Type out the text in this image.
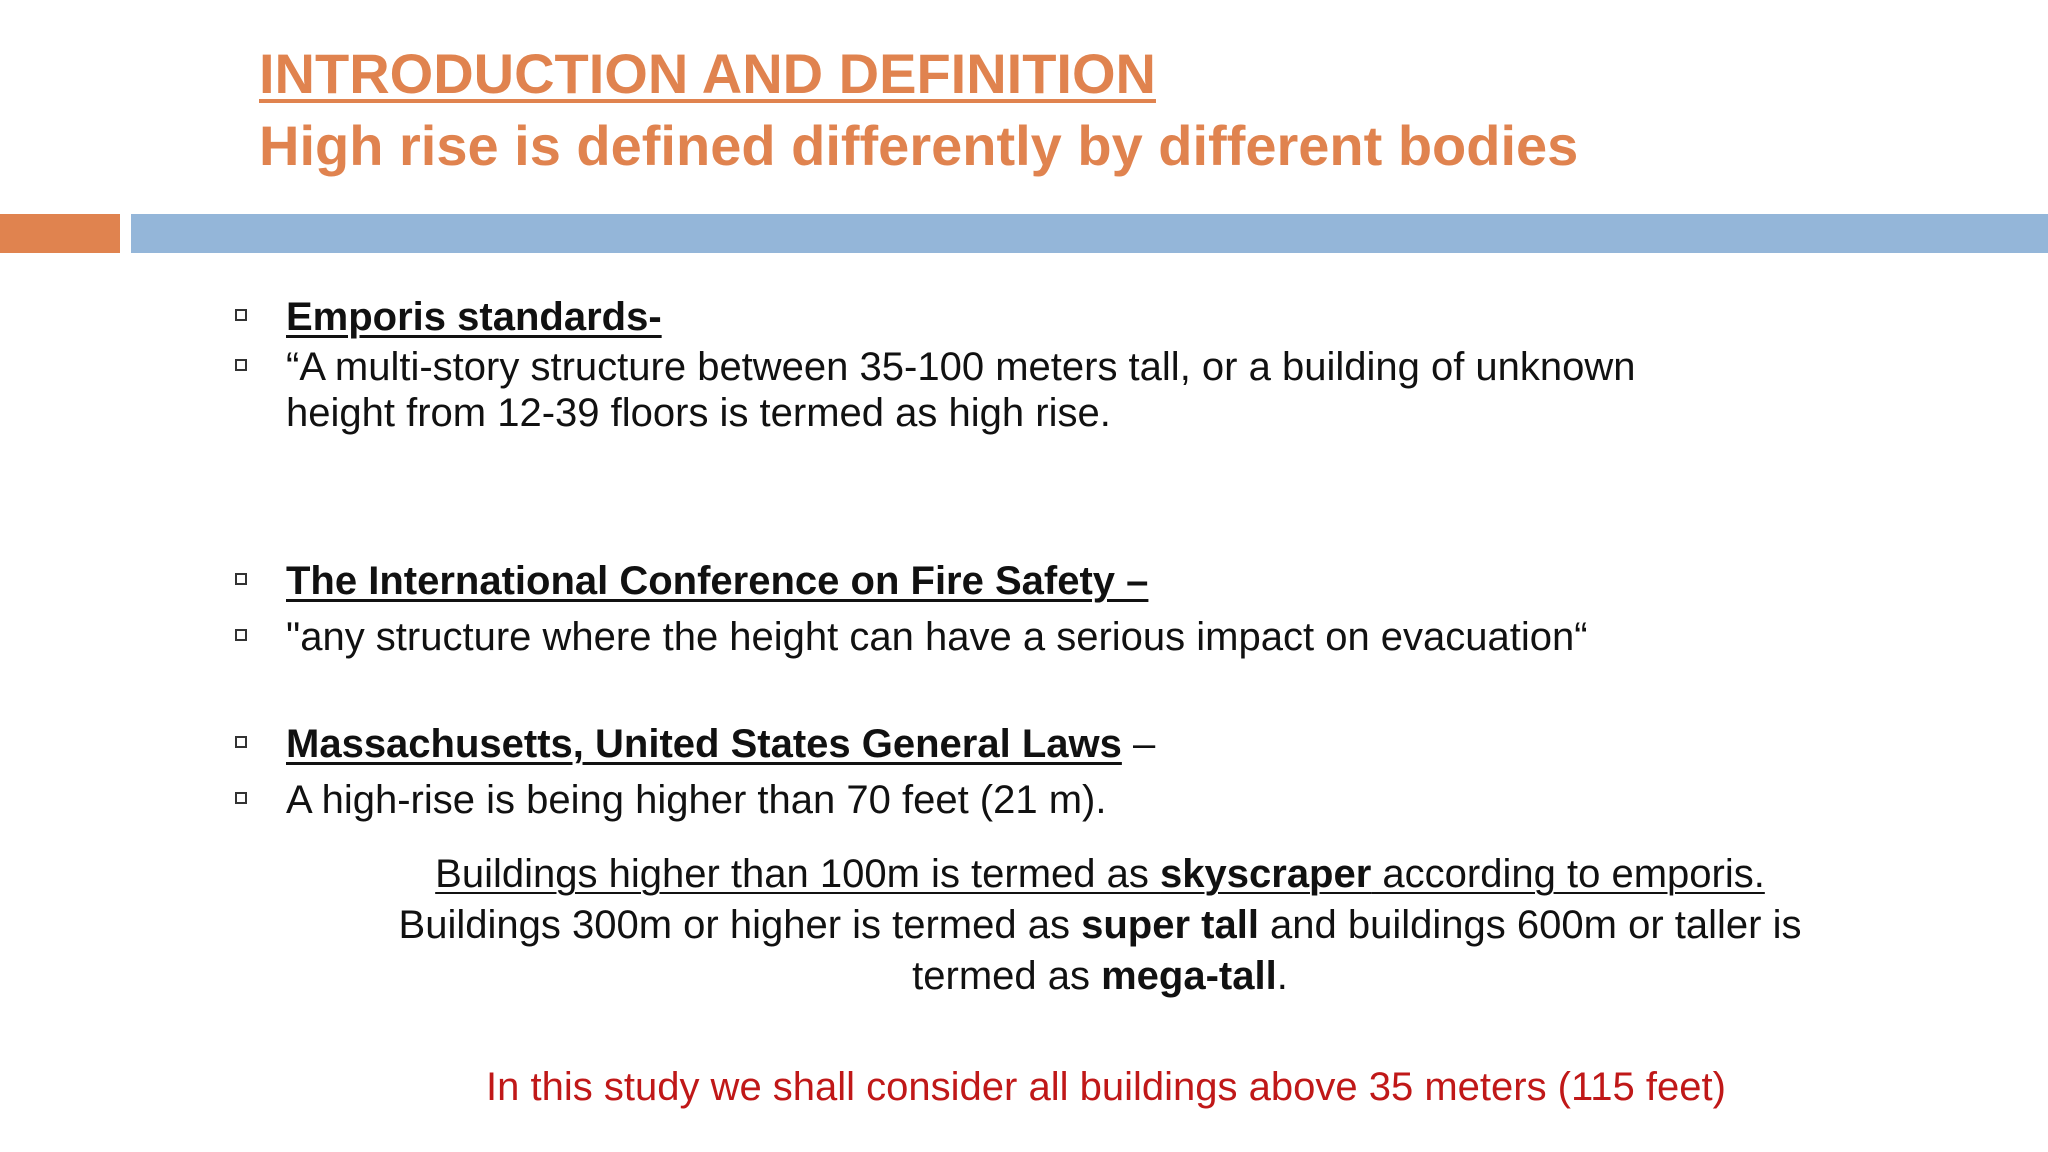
INTRODUCTION AND DEFINITION
High rise is defined differently by different bodies
Emporis standards-
“A multi-story structure between 35-100 meters tall, or a building of unknown
height from 12-39 floors is termed as high rise.
The International Conference on Fire Safety –
"any structure where the height can have a serious impact on evacuation“
Massachusetts, United States General Laws –
A high-rise is being higher than 70 feet (21 m).
Buildings higher than 100m is termed as skyscraper according to emporis.
Buildings 300m or higher is termed as super tall and buildings 600m or taller is
termed as mega-tall.
In this study we shall consider all buildings above 35 meters (115 feet)
